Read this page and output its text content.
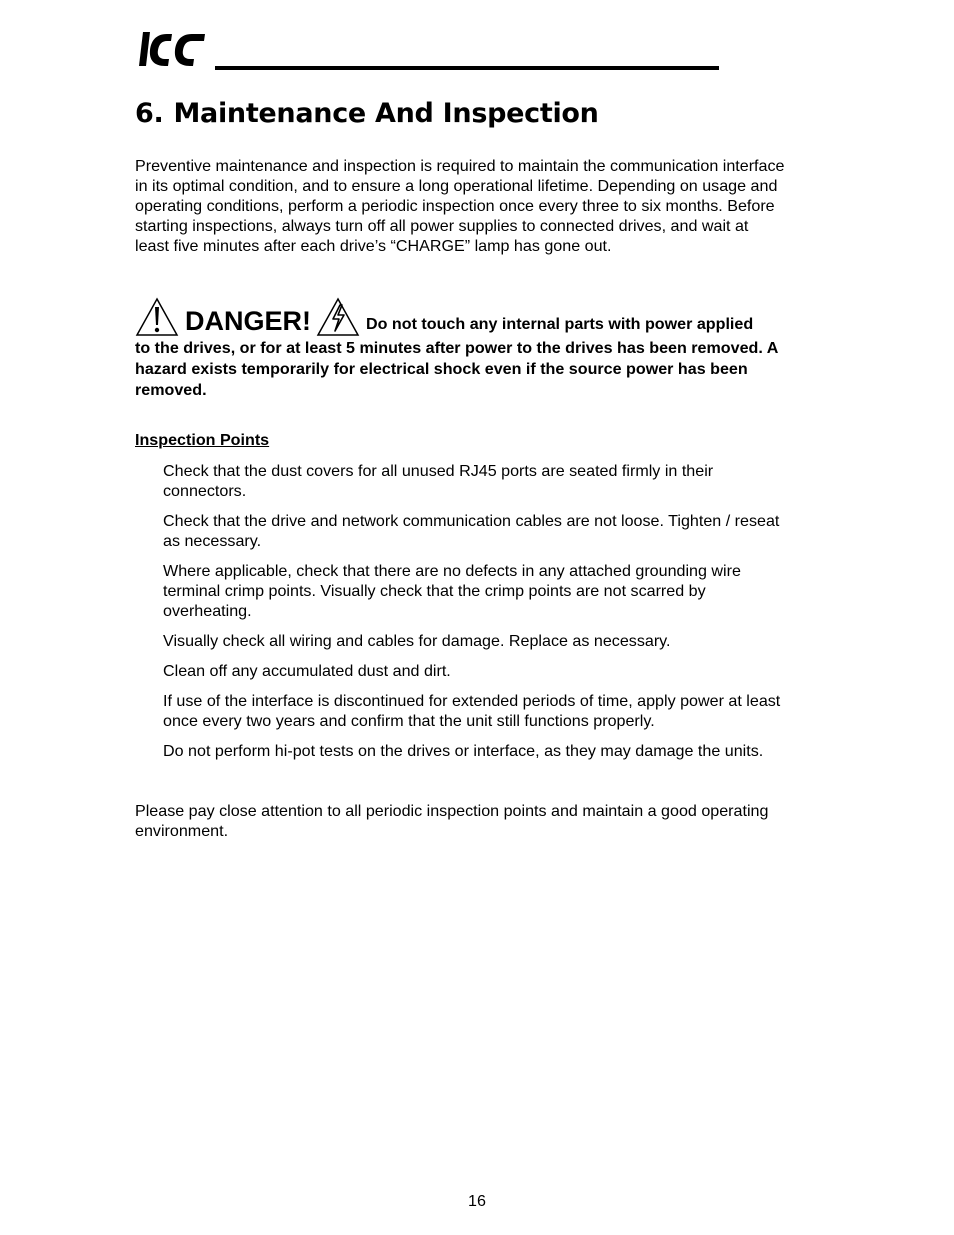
6. Maintenance And Inspection

Preventive maintenance and inspection is required to maintain the communication interface in its optimal condition, and to ensure a long operational lifetime. Depending on usage and operating conditions, perform a periodic inspection once every three to six months. Before starting inspections, always turn off all power supplies to connected drives, and wait at least five minutes after each drive’s “CHARGE” lamp has gone out.

DANGER!	Do not touch any internal parts with power applied
to the drives, or for at least 5 minutes after power to the drives has been removed. A hazard exists temporarily for electrical shock even if the source power has been removed.

Inspection Points

Check that the dust covers for all unused RJ45 ports are seated firmly in their connectors.
Check that the drive and network communication cables are not loose. Tighten / reseat as necessary.
Where applicable, check that there are no defects in any attached grounding wire terminal crimp points. Visually check that the crimp points are not scarred by overheating.
Visually check all wiring and cables for damage. Replace as necessary.
Clean off any accumulated dust and dirt.
If use of the interface is discontinued for extended periods of time, apply power at least once every two years and confirm that the unit still functions properly.
Do not perform hi-pot tests on the drives or interface, as they may damage the units.

Please pay close attention to all periodic inspection points and maintain a good operating environment.

16
